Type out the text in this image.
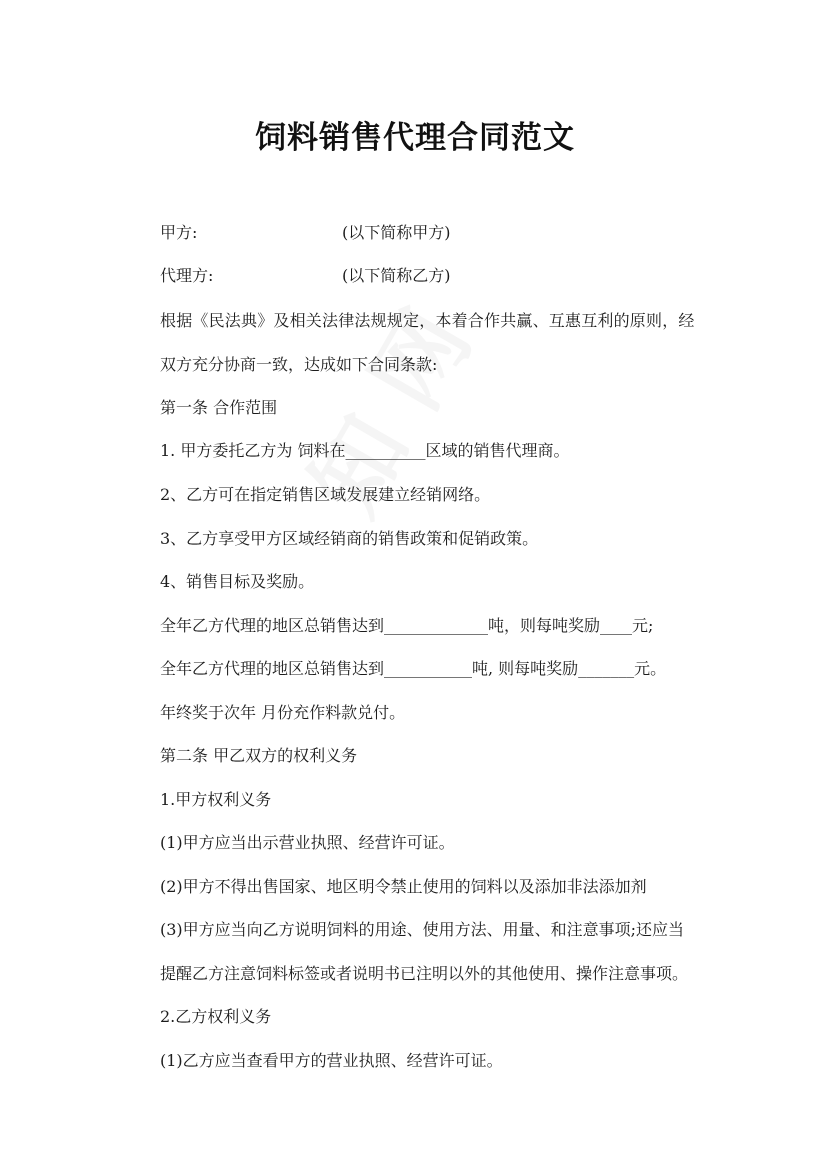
饲料销售代理合同范文
甲方:	(以下简称甲方)
代理方:	(以下简称乙方)
根据《民法典》及相关法律法规规定，本着合作共赢、互惠互利的原则，经
双方充分协商一致，达成如下合同条款:
第一条 合作范围
1. 甲方委托乙方为 饲料在__________区域的销售代理商。
2、乙方可在指定销售区域发展建立经销网络。
3、乙方享受甲方区域经销商的销售政策和促销政策。
4、销售目标及奖励。
全年乙方代理的地区总销售达到_____________吨，则每吨奖励____元;
全年乙方代理的地区总销售达到___________吨, 则每吨奖励_______元。
年终奖于次年 月份充作料款兑付。
第二条 甲乙双方的权利义务
1.甲方权利义务
(1)甲方应当出示营业执照、经营许可证。
(2)甲方不得出售国家、地区明令禁止使用的饲料以及添加非法添加剂
(3)甲方应当向乙方说明饲料的用途、使用方法、用量、和注意事项;还应当
提醒乙方注意饲料标签或者说明书已注明以外的其他使用、操作注意事项。
2.乙方权利义务
(1)乙方应当查看甲方的营业执照、经营许可证。
